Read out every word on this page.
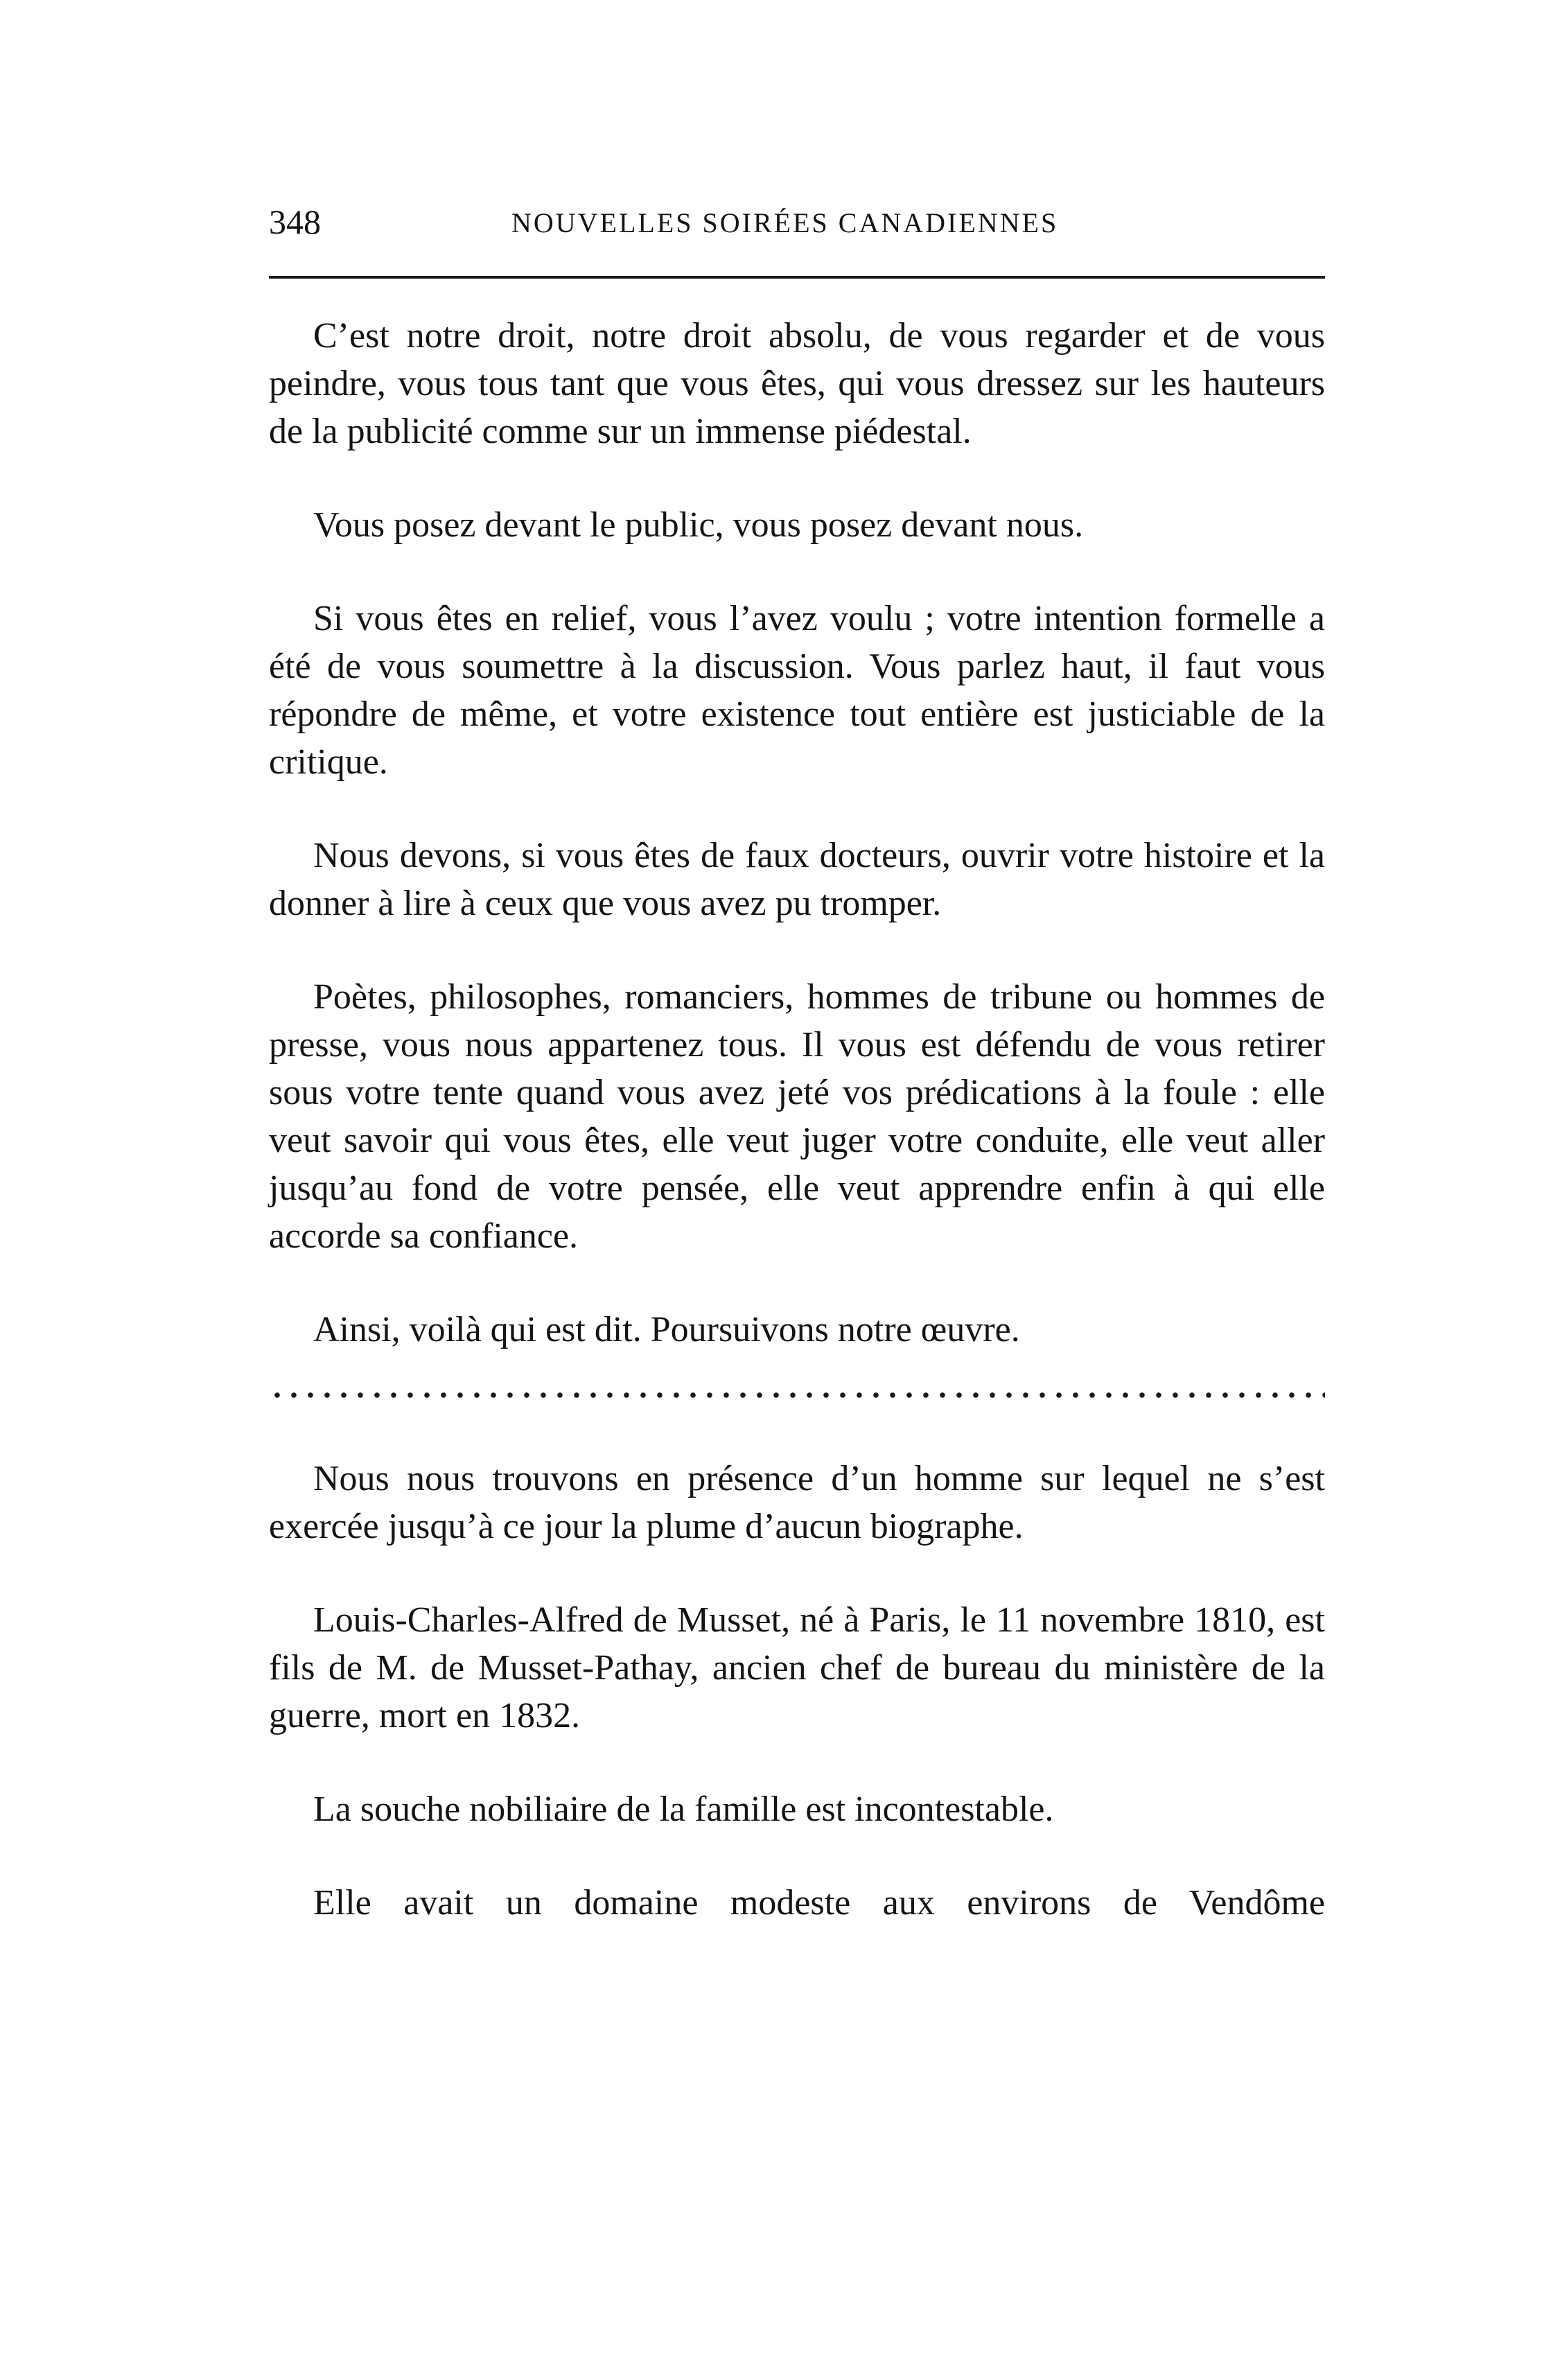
348	NOUVELLES SOIRÉES CANADIENNES

C’est notre droit, notre droit absolu, de vous regarder et de vous peindre, vous tous tant que vous êtes, qui vous dressez sur les hauteurs de la publicité comme sur un immense piédestal.

Vous posez devant le public, vous posez devant nous.

Si vous êtes en relief, vous l’avez voulu ; votre intention formelle a été de vous soumettre à la discussion. Vous parlez haut, il faut vous répondre de même, et votre existence tout entière est justiciable de la critique.

Nous devons, si vous êtes de faux docteurs, ouvrir votre histoire et la donner à lire à ceux que vous avez pu tromper.

Poètes, philosophes, romanciers, hommes de tribune ou hommes de presse, vous nous appartenez tous. Il vous est défendu de vous retirer sous votre tente quand vous avez jeté vos prédications à la foule : elle veut savoir qui vous êtes, elle veut juger votre conduite, elle veut aller jusqu’au fond de votre pensée, elle veut apprendre enfin à qui elle accorde sa confiance.

Ainsi, voilà qui est dit. Poursuivons notre œuvre.

Nous nous trouvons en présence d’un homme sur lequel ne s’est exercée jusqu’à ce jour la plume d’aucun biographe.

Louis-Charles-Alfred de Musset, né à Paris, le 11 novembre 1810, est fils de M. de Musset-Pathay, ancien chef de bureau du ministère de la guerre, mort en 1832.

La souche nobiliaire de la famille est incontestable.

Elle avait un domaine modeste aux environs de Vendôme
